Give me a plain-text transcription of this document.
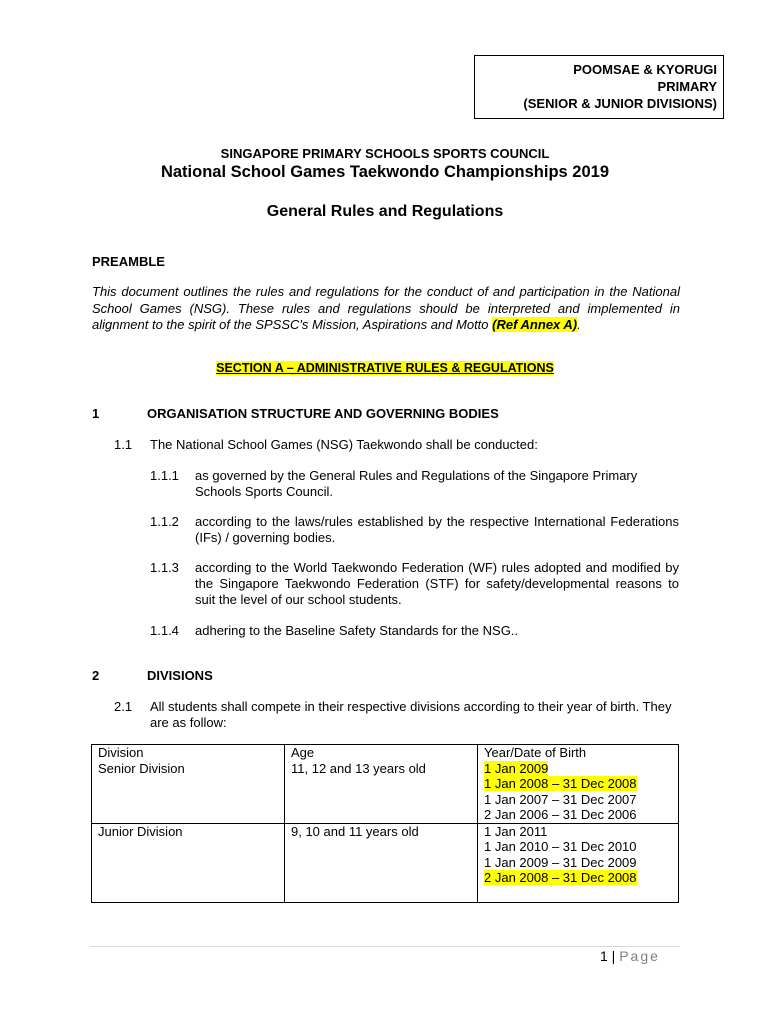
POOMSAE & KYORUGI
PRIMARY
(SENIOR & JUNIOR DIVISIONS)
SINGAPORE PRIMARY SCHOOLS SPORTS COUNCIL
National School Games Taekwondo Championships 2019
General Rules and Regulations
PREAMBLE
This document outlines the rules and regulations for the conduct of and participation in the National School Games (NSG). These rules and regulations should be interpreted and implemented in alignment to the spirit of the SPSSC's Mission, Aspirations and Motto (Ref Annex A).
SECTION A – ADMINISTRATIVE RULES & REGULATIONS
1	ORGANISATION STRUCTURE AND GOVERNING BODIES
1.1 The National School Games (NSG) Taekwondo shall be conducted:
1.1.1 as governed by the General Rules and Regulations of the Singapore Primary Schools Sports Council.
1.1.2 according to the laws/rules established by the respective International Federations (IFs) / governing bodies.
1.1.3 according to the World Taekwondo Federation (WF) rules adopted and modified by the Singapore Taekwondo Federation (STF) for safety/developmental reasons to suit the level of our school students.
1.1.4 adhering to the Baseline Safety Standards for the NSG..
2	DIVISIONS
2.1 All students shall compete in their respective divisions according to their year of birth. They are as follow:
Division	Age	Year/Date of Birth
Senior Division	11, 12 and 13 years old	1 Jan 2009
1 Jan 2008 – 31 Dec 2008
1 Jan 2007 – 31 Dec 2007
2 Jan 2006 – 31 Dec 2006
Junior Division	9, 10 and 11 years old	1 Jan 2011
1 Jan 2010 – 31 Dec 2010
1 Jan 2009 – 31 Dec 2009
2 Jan 2008 – 31 Dec 2008
1 | Page
